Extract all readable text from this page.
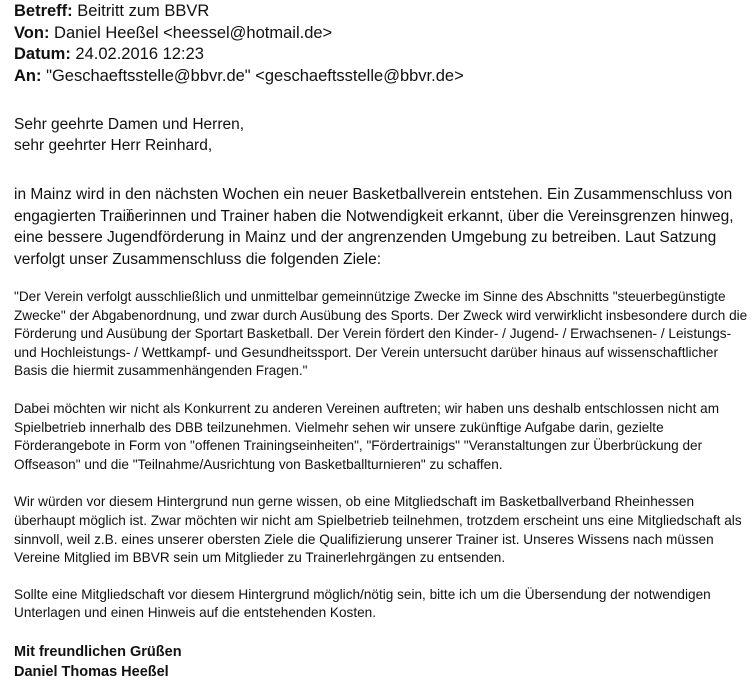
Betreff: Beitritt zum BBVR
Von: Daniel Heeßel <heessel@hotmail.de>
Datum: 24.02.2016 12:23
An: "Geschaeftsstelle@bbvr.de" <geschaeftsstelle@bbvr.de>
Sehr geehrte Damen und Herren,
sehr geehrter Herr Reinhard,

in Mainz wird in den nächsten Wochen ein neuer Basketballverein entstehen. Ein Zusammenschluss von engagierten Trainerinnen und Trainer haben die Notwendigkeit erkannt, über die Vereinsgrenzen hinweg, eine bessere Jugendförderung in Mainz und der angrenzenden Umgebung zu betreiben. Laut Satzung verfolgt unser Zusammenschluss die folgenden Ziele:

"Der Verein verfolgt ausschließlich und unmittelbar gemeinnützige Zwecke im Sinne des Abschnitts "steuerbegünstigte Zwecke" der Abgabenordnung, und zwar durch Ausübung des Sports. Der Zweck wird verwirklicht insbesondere durch die Förderung und Ausübung der Sportart Basketball. Der Verein fördert den Kinder- / Jugend- / Erwachsenen- / Leistungs- und Hochleistungs- / Wettkampf- und Gesundheitssport. Der Verein untersucht darüber hinaus auf wissenschaftlicher Basis die hiermit zusammenhängenden Fragen."

Dabei möchten wir nicht als Konkurrent zu anderen Vereinen auftreten; wir haben uns deshalb entschlossen nicht am Spielbetrieb innerhalb des DBB teilzunehmen. Vielmehr sehen wir unsere zukünftige Aufgabe darin, gezielte Förderangebote in Form von "offenen Trainingseinheiten", "Fördertrainigs" "Veranstaltungen zur Überbrückung der Offseason" und die "Teilnahme/Ausrichtung von Basketballturnieren" zu schaffen.

Wir würden vor diesem Hintergrund nun gerne wissen, ob eine Mitgliedschaft im Basketballverband Rheinhessen überhaupt möglich ist. Zwar möchten wir nicht am Spielbetrieb teilnehmen, trotzdem erscheint uns eine Mitgliedschaft als sinnvoll, weil z.B. eines unserer obersten Ziele die Qualifizierung unserer Trainer ist. Unseres Wissens nach müssen Vereine Mitglied im BBVR sein um Mitglieder zu Trainerlehrgängen zu entsenden.

Sollte eine Mitgliedschaft vor diesem Hintergrund möglich/nötig sein, bitte ich um die Übersendung der notwendigen Unterlagen und einen Hinweis auf die entstehenden Kosten.

Mit freundlichen Grüßen
Daniel Thomas Heeßel
